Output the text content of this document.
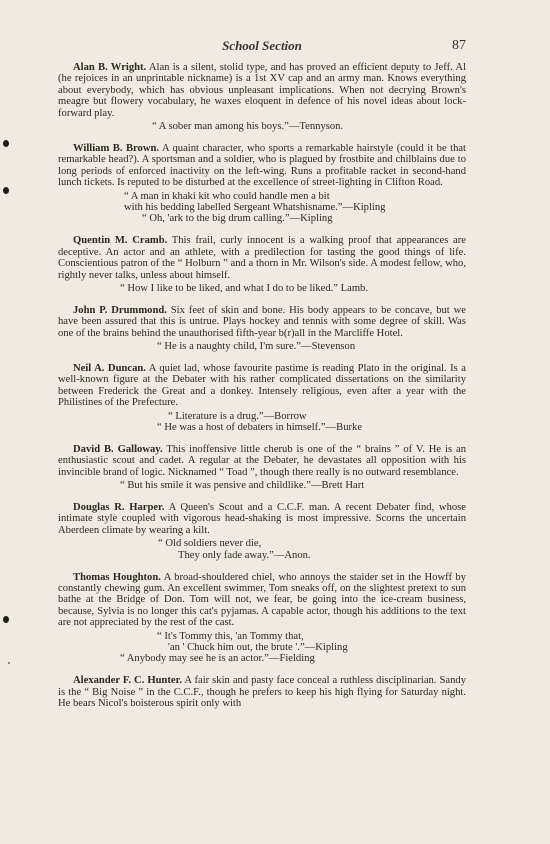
School Section	87

Alan B. Wright. Alan is a silent, stolid type, and has proved an efficient deputy to Jeff. Al (he rejoices in an unprintable nickname) is a 1st XV cap and an army man. Knows everything about everybody, which has obvious unpleasant implications. When not decrying Brown's meagre but flowery vocabulary, he waxes eloquent in defence of his novel ideas about lock-forward play.

“ A sober man among his boys.”—Tennyson.

William B. Brown. A quaint character, who sports a remarkable hairstyle (could it be that remarkable head?). A sportsman and a soldier, who is plagued by frostbite and chilblains due to long periods of enforced inactivity on the left-wing. Runs a profitable racket in second-hand lunch tickets. Is reputed to be disturbed at the excellence of street-lighting in Clifton Road.

“ A man in khaki kit who could handle men a bit
with his bedding labelled Sergeant Whatshisname.”—Kipling
“ Oh, 'ark to the big drum calling.”—Kipling

Quentin M. Cramb. This frail, curly innocent is a walking proof that appearances are deceptive. An actor and an athlete, with a predilection for tasting the good things of life. Conscientious patron of the “ Holburn ” and a thorn in Mr. Wilson's side. A modest fellow, who, rightly never talks, unless about himself.

“ How I like to be liked, and what I do to be liked.” Lamb.

John P. Drummond. Six feet of skin and bone. His body appears to be concave, but we have been assured that this is untrue. Plays hockey and tennis with some degree of skill. Was one of the brains behind the unauthorised fifth-year b(r)all in the Marcliffe Hotel.

“ He is a naughty child, I'm sure.”—Stevenson

Neil A. Duncan. A quiet lad, whose favourite pastime is reading Plato in the original. Is a well-known figure at the Debater with his rather complicated dissertations on the similarity between Frederick the Great and a donkey. Intensely religious, even after a year with the Philistines of the Prefecture.

“ Literature is a drug.”—Borrow
“ He was a host of debaters in himself.”—Burke

David B. Galloway. This inoffensive little cherub is one of the “ brains ” of V. He is an enthusiastic scout and cadet. A regular at the Debater, he devastates all opposition with his invincible brand of logic. Nicknamed “ Toad ”, though there really is no outward resemblance.

“ But his smile it was pensive and childlike.”—Brett Hart

Douglas R. Harper. A Queen's Scout and a C.C.F. man. A recent Debater find, whose intimate style coupled with vigorous head-shaking is most impressive. Scorns the uncertain Aberdeen climate by wearing a kilt.

“ Old soldiers never die,
They only fade away.”—Anon.

Thomas Houghton. A broad-shouldered chiel, who annoys the staider set in the Howff by constantly chewing gum. An excellent swimmer, Tom sneaks off, on the slightest pretext to sun bathe at the Bridge of Don. Tom will not, we fear, be going into the ice-cream business, because, Sylvia is no longer this cat's pyjamas. A capable actor, though his additions to the text are not appreciated by the rest of the cast.

“ It's Tommy this, 'an Tommy that,
'an ' Chuck him out, the brute '.”—Kipling
“ Anybody may see he is an actor.”—Fielding

Alexander F. C. Hunter. A fair skin and pasty face conceal a ruthless disciplinarian. Sandy is the “ Big Noise ” in the C.C.F., though he prefers to keep his high flying for Saturday night. He bears Nicol's boisterous spirit only with
